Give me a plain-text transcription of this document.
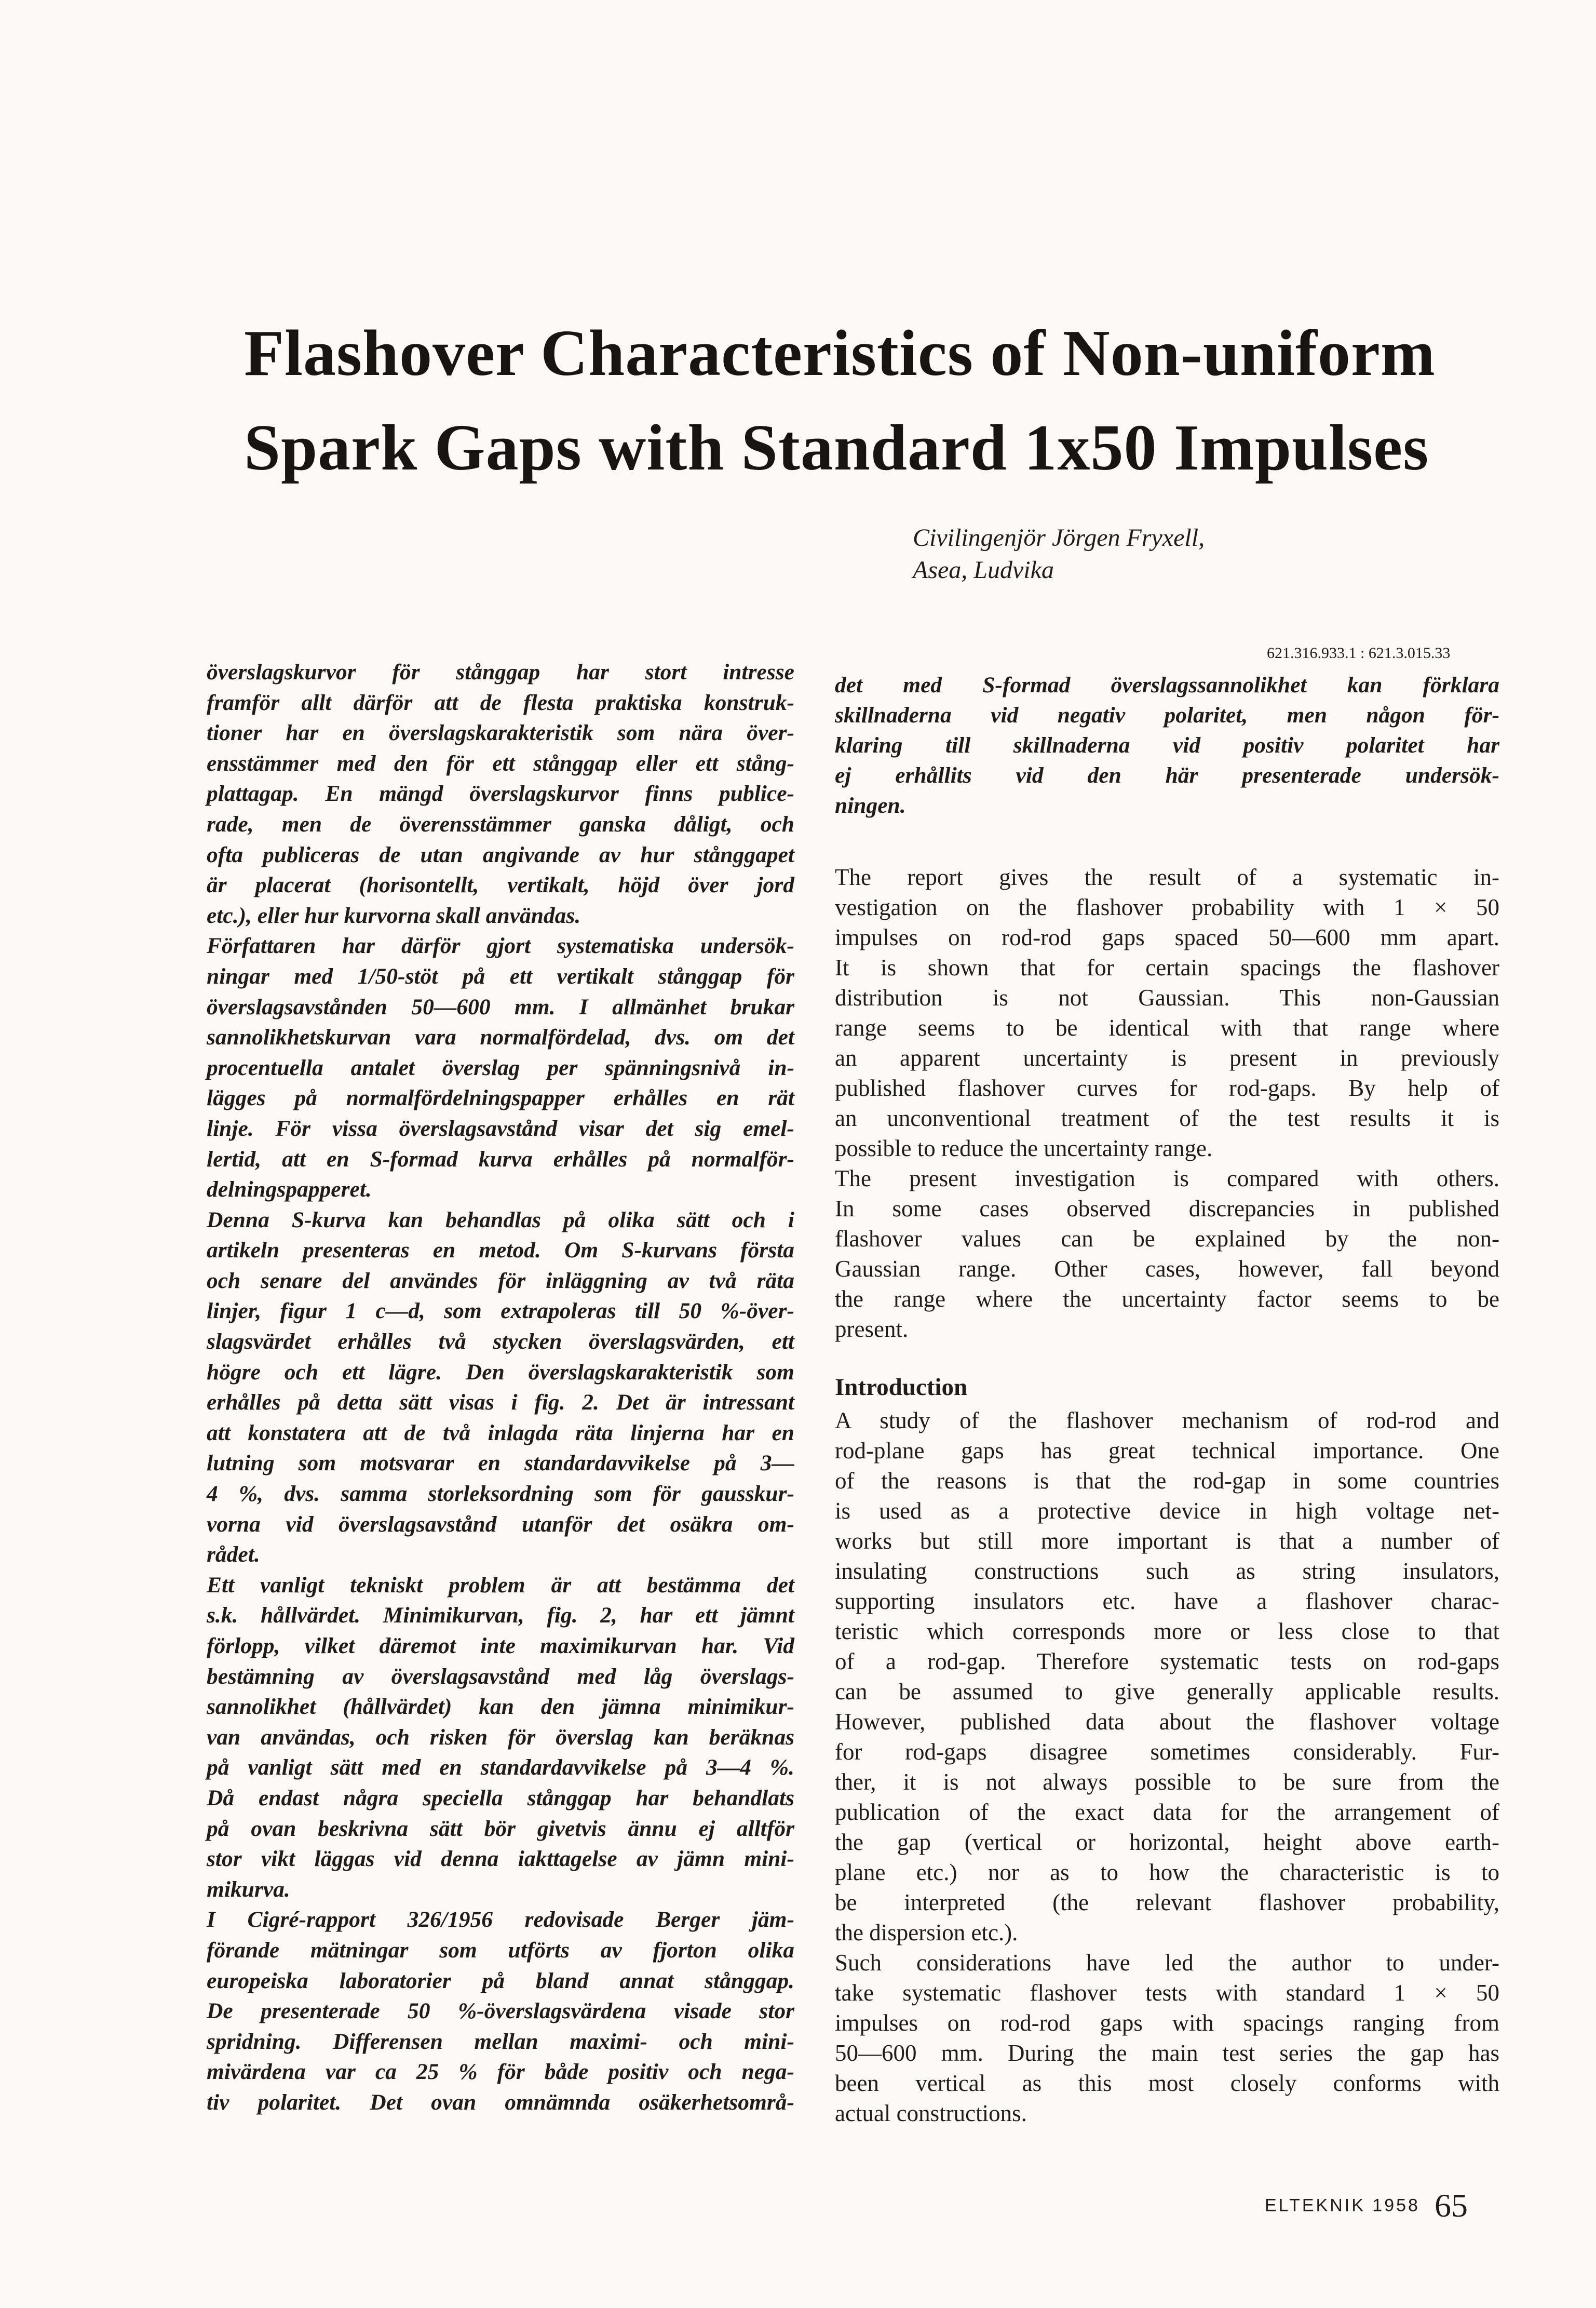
Flashover Characteristics of Non-uniform
Spark Gaps with Standard 1x50 Impulses
Civilingenjör Jörgen Fryxell,
Asea, Ludvika
överslagskurvor för stånggap har stort intresse
framför allt därför att de flesta praktiska konstruk-
tioner har en överslagskarakteristik som nära över-
ensstämmer med den för ett stånggap eller ett stång-
plattagap. En mängd överslagskurvor finns publice-
rade, men de överensstämmer ganska dåligt, och
ofta publiceras de utan angivande av hur stånggapet
är placerat (horisontellt, vertikalt, höjd över jord
etc.), eller hur kurvorna skall användas.
Författaren har därför gjort systematiska undersök-
ningar med 1/50-stöt på ett vertikalt stånggap för
överslagsavstånden 50—600 mm. I allmänhet brukar
sannolikhetskurvan vara normalfördelad, dvs. om det
procentuella antalet överslag per spänningsnivå in-
lägges på normalfördelningspapper erhålles en rät
linje. För vissa överslagsavstånd visar det sig emel-
lertid, att en S-formad kurva erhålles på normalför-
delningspapperet.
Denna S-kurva kan behandlas på olika sätt och i
artikeln presenteras en metod. Om S-kurvans första
och senare del användes för inläggning av två räta
linjer, figur 1 c—d, som extrapoleras till 50 %-över-
slagsvärdet erhålles två stycken överslagsvärden, ett
högre och ett lägre. Den överslagskarakteristik som
erhålles på detta sätt visas i fig. 2. Det är intressant
att konstatera att de två inlagda räta linjerna har en
lutning som motsvarar en standardavvikelse på 3—
4 %, dvs. samma storleksordning som för gausskur-
vorna vid överslagsavstånd utanför det osäkra om-
rådet.
Ett vanligt tekniskt problem är att bestämma det
s.k. hållvärdet. Minimikurvan, fig. 2, har ett jämnt
förlopp, vilket däremot inte maximikurvan har. Vid
bestämning av överslagsavstånd med låg överslags-
sannolikhet (hållvärdet) kan den jämna minimikur-
van användas, och risken för överslag kan beräknas
på vanligt sätt med en standardavvikelse på 3—4 %.
Då endast några speciella stånggap har behandlats
på ovan beskrivna sätt bör givetvis ännu ej alltför
stor vikt läggas vid denna iakttagelse av jämn mini-
mikurva.
I Cigré-rapport 326/1956 redovisade Berger jäm-
förande mätningar som utförts av fjorton olika
europeiska laboratorier på bland annat stånggap.
De presenterade 50 %-överslagsvärdena visade stor
spridning. Differensen mellan maximi- och mini-
mivärdena var ca 25 % för både positiv och nega-
tiv polaritet. Det ovan omnämnda osäkerhetsområ-
621.316.933.1 : 621.3.015.33
det med S-formad överslagssannolikhet kan förklara
skillnaderna vid negativ polaritet, men någon för-
klaring till skillnaderna vid positiv polaritet har
ej erhållits vid den här presenterade undersök-
ningen.
The report gives the result of a systematic in-
vestigation on the flashover probability with 1 × 50
impulses on rod-rod gaps spaced 50—600 mm apart.
It is shown that for certain spacings the flashover
distribution is not Gaussian. This non-Gaussian
range seems to be identical with that range where
an apparent uncertainty is present in previously
published flashover curves for rod-gaps. By help of
an unconventional treatment of the test results it is
possible to reduce the uncertainty range.
The present investigation is compared with others.
In some cases observed discrepancies in published
flashover values can be explained by the non-
Gaussian range. Other cases, however, fall beyond
the range where the uncertainty factor seems to be
present.
Introduction
A study of the flashover mechanism of rod-rod and
rod-plane gaps has great technical importance. One
of the reasons is that the rod-gap in some countries
is used as a protective device in high voltage net-
works but still more important is that a number of
insulating constructions such as string insulators,
supporting insulators etc. have a flashover charac-
teristic which corresponds more or less close to that
of a rod-gap. Therefore systematic tests on rod-gaps
can be assumed to give generally applicable results.
However, published data about the flashover voltage
for rod-gaps disagree sometimes considerably. Fur-
ther, it is not always possible to be sure from the
publication of the exact data for the arrangement of
the gap (vertical or horizontal, height above earth-
plane etc.) nor as to how the characteristic is to
be interpreted (the relevant flashover probability,
the dispersion etc.).
Such considerations have led the author to under-
take systematic flashover tests with standard 1 × 50
impulses on rod-rod gaps with spacings ranging from
50—600 mm. During the main test series the gap has
been vertical as this most closely conforms with
actual constructions.
ELTEKNIK 1958 65
